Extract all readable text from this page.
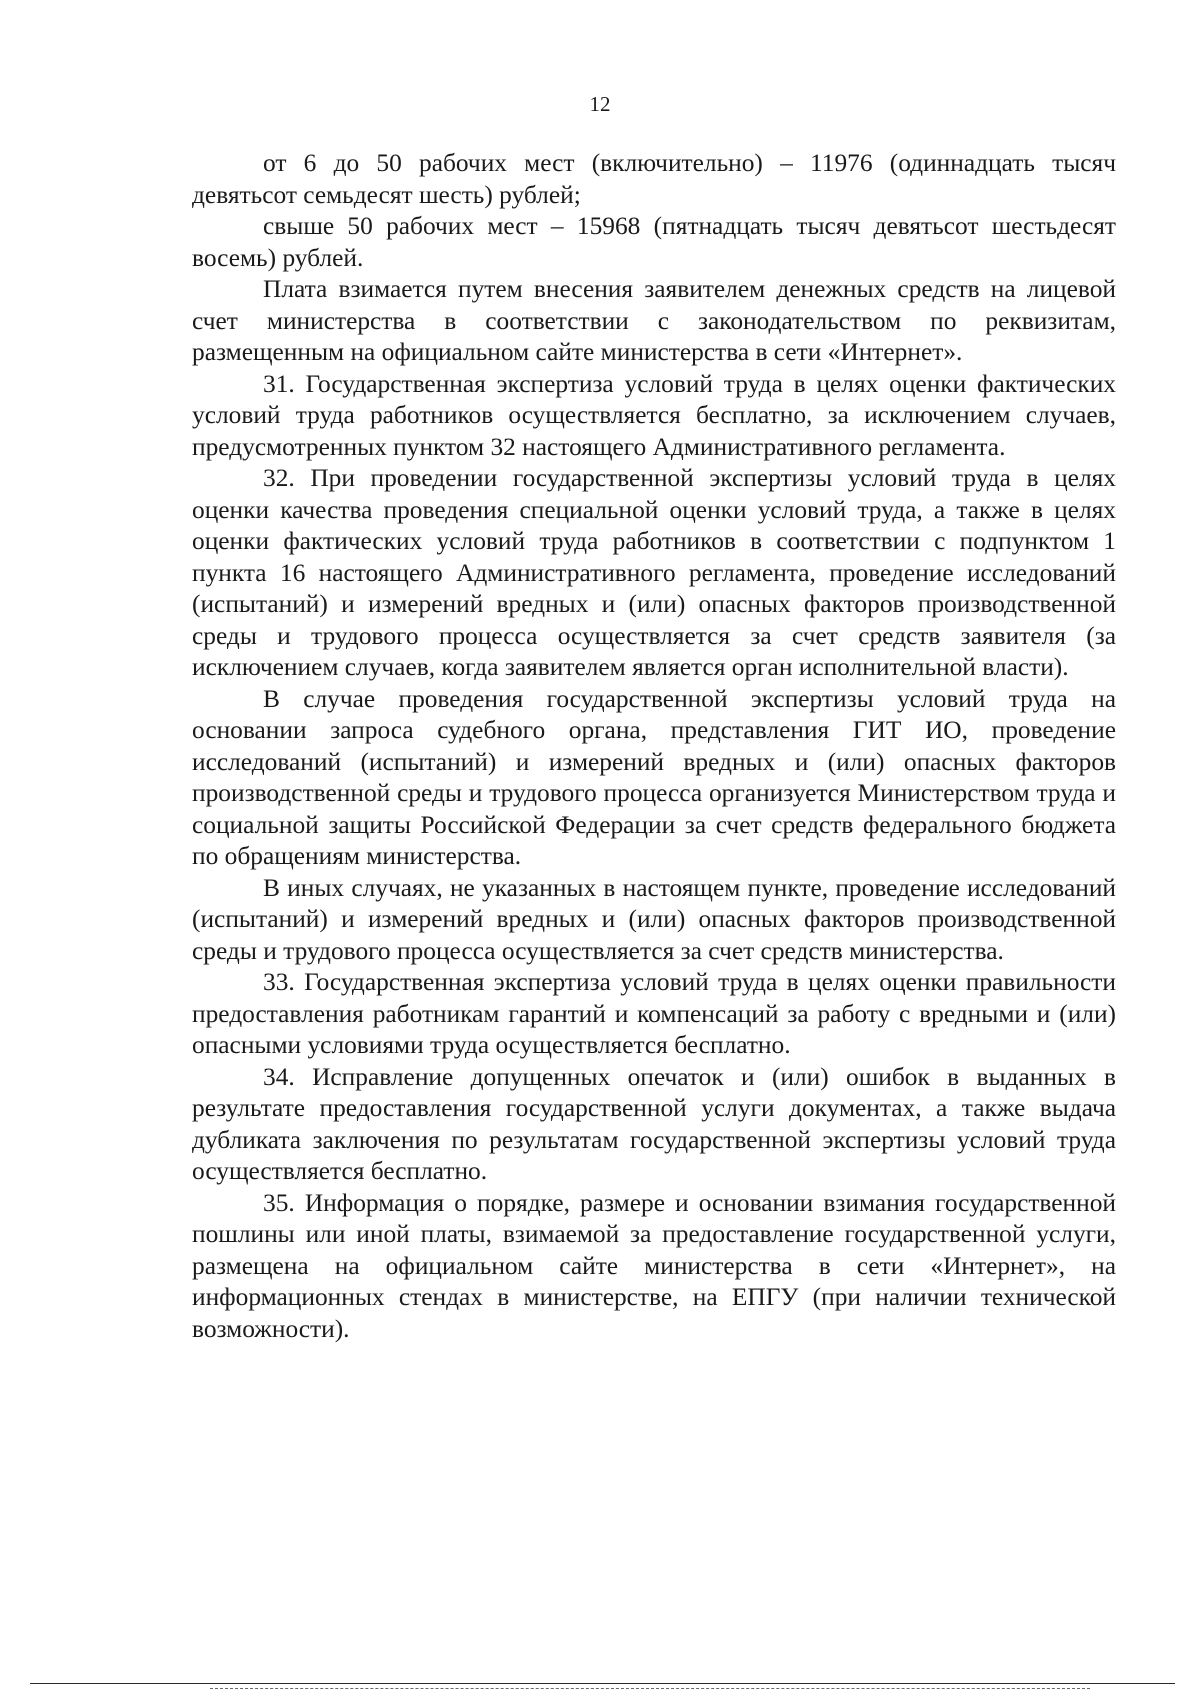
12

от 6 до 50 рабочих мест (включительно) – 11976 (одиннадцать тысяч девятьсот семьдесят шесть) рублей;

свыше 50 рабочих мест – 15968 (пятнадцать тысяч девятьсот шестьдесят восемь) рублей.

Плата взимается путем внесения заявителем денежных средств на лицевой счет министерства в соответствии с законодательством по реквизитам, размещенным на официальном сайте министерства в сети «Интернет».

31. Государственная экспертиза условий труда в целях оценки фактических условий труда работников осуществляется бесплатно, за исключением случаев, предусмотренных пунктом 32 настоящего Административного регламента.

32. При проведении государственной экспертизы условий труда в целях оценки качества проведения специальной оценки условий труда, а также в целях оценки фактических условий труда работников в соответствии с подпунктом 1 пункта 16 настоящего Административного регламента, проведение исследований (испытаний) и измерений вредных и (или) опасных факторов производственной среды и трудового процесса осуществляется за счет средств заявителя (за исключением случаев, когда заявителем является орган исполнительной власти).

В случае проведения государственной экспертизы условий труда на основании запроса судебного органа, представления ГИТ ИО, проведение исследований (испытаний) и измерений вредных и (или) опасных факторов производственной среды и трудового процесса организуется Министерством труда и социальной защиты Российской Федерации за счет средств федерального бюджета по обращениям министерства.

В иных случаях, не указанных в настоящем пункте, проведение исследований (испытаний) и измерений вредных и (или) опасных факторов производственной среды и трудового процесса осуществляется за счет средств министерства.

33. Государственная экспертиза условий труда в целях оценки правильности предоставления работникам гарантий и компенсаций за работу с вредными и (или) опасными условиями труда осуществляется бесплатно.

34. Исправление допущенных опечаток и (или) ошибок в выданных в результате предоставления государственной услуги документах, а также выдача дубликата заключения по результатам государственной экспертизы условий труда осуществляется бесплатно.

35. Информация о порядке, размере и основании взимания государственной пошлины или иной платы, взимаемой за предоставление государственной услуги, размещена на официальном сайте министерства в сети «Интернет», на информационных стендах в министерстве, на ЕПГУ (при наличии технической возможности).
